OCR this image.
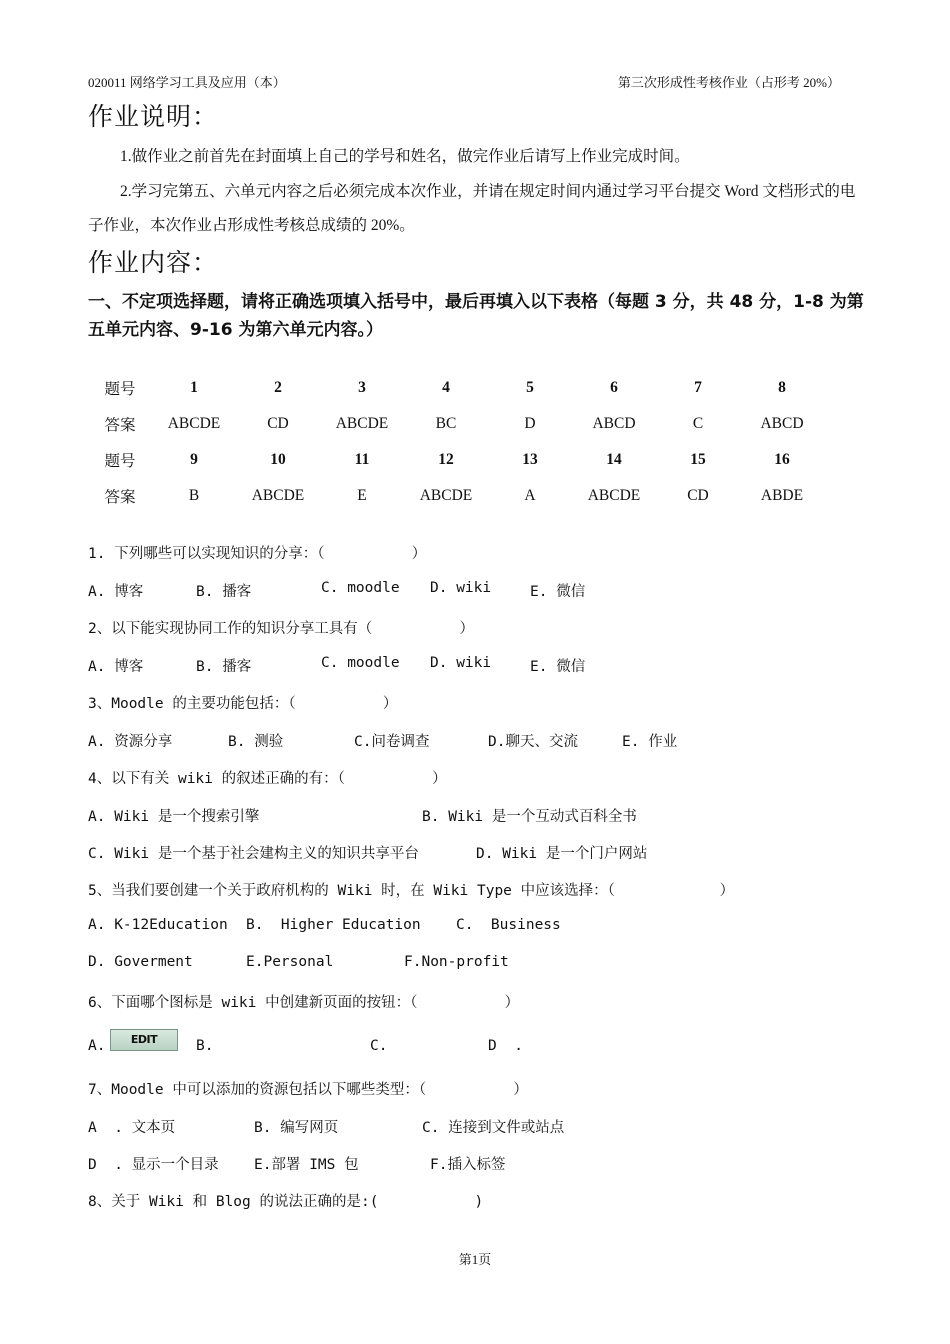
020011 网络学习工具及应用（本）	第三次形成性考核作业（占形考 20%）
作业说明：
1.做作业之前首先在封面填上自己的学号和姓名，做完作业后请写上作业完成时间。
2.学习完第五、六单元内容之后必须完成本次作业，并请在规定时间内通过学习平台提交 Word 文档形式的电子作业，本次作业占形成性考核总成绩的 20%。
作业内容：
一、不定项选择题，请将正确选项填入括号中，最后再填入以下表格（每题 3 分，共 48 分，1-8 为第五单元内容、9-16 为第六单元内容。）
题号	1	2	3	4	5	6	7	8
答案	ABCDE	CD	ABCDE	BC	D	ABCD	C	ABCD
题号	9	10	11	12	13	14	15	16
答案	B	ABCDE	E	ABCDE	A	ABCDE	CD	ABDE
1. 下列哪些可以实现知识的分享：（          ）
A. 博客	B. 播客	C. moodle D. wiki	E. 微信
2、以下能实现协同工作的知识分享工具有（          ）
A. 博客	B. 播客	C. moodle D. wiki	E. 微信
3、Moodle 的主要功能包括：（          ）
A. 资源分享	B. 测验	C.问卷调查	D.聊天、交流	E. 作业
4、以下有关 wiki 的叙述正确的有：（          ）
A. Wiki 是一个搜索引擎	B. Wiki 是一个互动式百科全书
C. Wiki 是一个基于社会建构主义的知识共享平台	D. Wiki 是一个门户网站
5、当我们要创建一个关于政府机构的 Wiki 时，在 Wiki Type 中应该选择：（            ）
A. K-12Education B.  Higher Education C.  Business
D. Goverment	E.Personal	F.Non-profit
6、下面哪个图标是 wiki 中创建新页面的按钮：（          ）
A.	B.	C.	D  .
EDIT
7、Moodle 中可以添加的资源包括以下哪些类型：（          ）
A  . 文本页	B. 编写网页	C. 连接到文件或站点
D  . 显示一个目录 E.部署 IMS 包	F.插入标签
8、关于 Wiki 和 Blog 的说法正确的是:(           )
第1页
